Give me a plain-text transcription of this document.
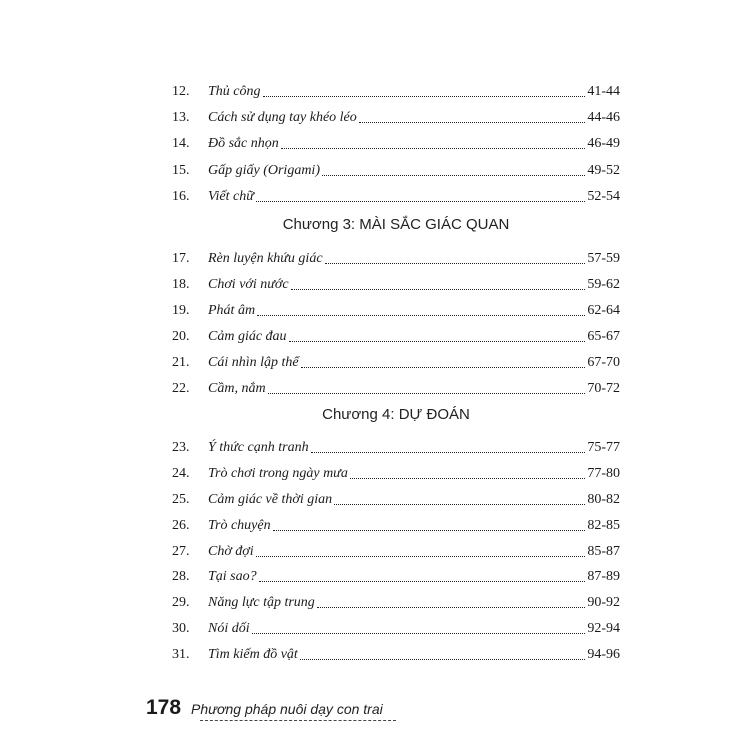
12.	Thủ công	41-44
13.	Cách sử dụng tay khéo léo	44-46
14.	Đồ sắc nhọn	46-49
15.	Gấp giấy (Origami)	49-52
16.	Viết chữ	52-54
Chương 3: MÀI SẮC GIÁC QUAN
17.	Rèn luyện khứu giác	57-59
18.	Chơi với nước	59-62
19.	Phát âm	62-64
20.	Cảm giác đau	65-67
21.	Cái nhìn lập thể	67-70
22.	Cầm, nắm	70-72
Chương 4: DỰ ĐOÁN
23.	Ý thức cạnh tranh	75-77
24.	Trò chơi trong ngày mưa	77-80
25.	Cảm giác về thời gian	80-82
26.	Trò chuyện	82-85
27.	Chờ đợi	85-87
28.	Tại sao?	87-89
29.	Năng lực tập trung	90-92
30.	Nói dối	92-94
31.	Tìm kiếm đồ vật	94-96
178 Phương pháp nuôi dạy con trai
